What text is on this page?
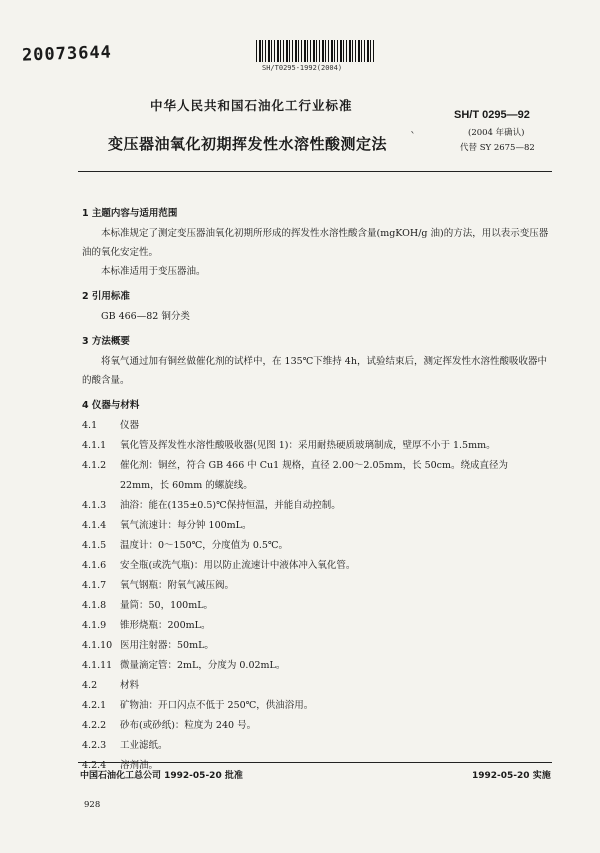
20073644
SH/T0295-1992(2004)
中华人民共和国石油化工行业标准
SH/T 0295—92
变压器油氧化初期挥发性水溶性酸测定法 ˋ	(2004 年确认)
代替 SY 2675—82
1 主题内容与适用范围
本标准规定了测定变压器油氧化初期所形成的挥发性水溶性酸含量(mgKOH/g 油)的方法，用以表示变压器油的氧化安定性。
本标准适用于变压器油。
2 引用标准
GB 466—82 铜分类
3 方法概要
将氧气通过加有铜丝做催化剂的试样中，在 135℃下维持 4h，试验结束后，测定挥发性水溶性酸吸收器中的酸含量。
4 仪器与材料
4.1	仪器
4.1.1	氧化管及挥发性水溶性酸吸收器(见图 1)：采用耐热硬质玻璃制成，壁厚不小于 1.5mm。
4.1.2	催化剂：铜丝，符合 GB 466 中 Cu1 规格，直径 2.00～2.05mm，长 50cm。绕成直径为 22mm，长 60mm 的螺旋线。
4.1.3	油浴：能在(135±0.5)℃保持恒温，并能自动控制。
4.1.4	氧气流速计：每分钟 100mL。
4.1.5	温度计：0～150℃，分度值为 0.5℃。
4.1.6	安全瓶(或洗气瓶)：用以防止流速计中液体冲入氧化管。
4.1.7	氧气钢瓶：附氧气减压阀。
4.1.8	量筒：50，100mL。
4.1.9	锥形烧瓶：200mL。
4.1.10 医用注射器：50mL。
4.1.11 微量滴定管：2mL，分度为 0.02mL。
4.2	材料
4.2.1	矿物油：开口闪点不低于 250℃，供油浴用。
4.2.2	砂布(或砂纸)：粒度为 240 号。
4.2.3	工业滤纸。
4.2.4	溶剂油。
中国石油化工总公司 1992-05-20 批准	1992-05-20 实施
928
